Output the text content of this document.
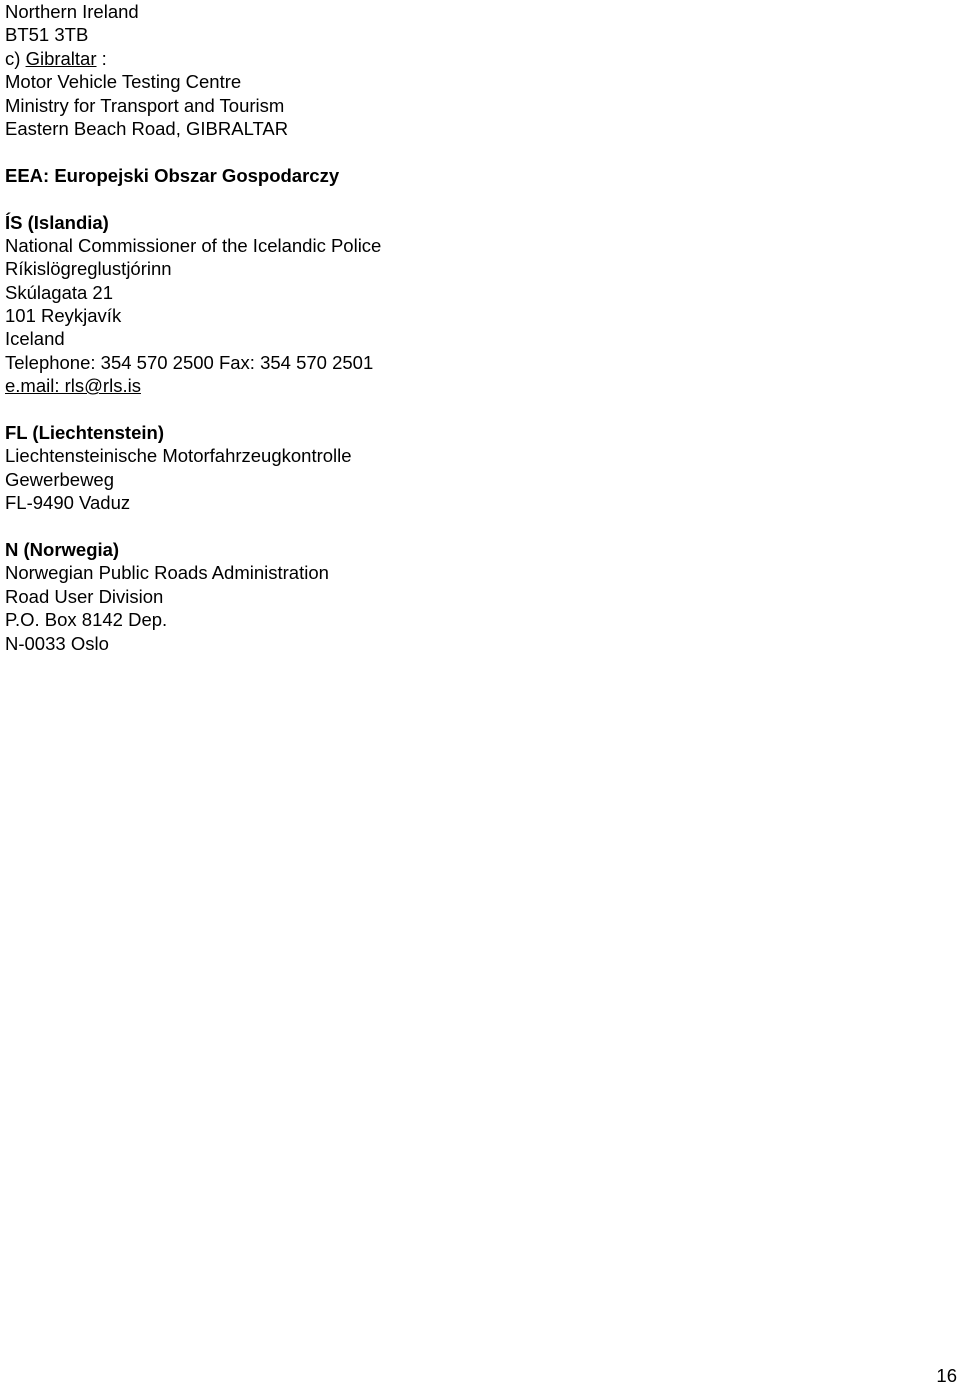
Northern Ireland
BT51 3TB
c) Gibraltar :
Motor Vehicle Testing Centre
Ministry for Transport and Tourism
Eastern Beach Road, GIBRALTAR
EEA: Europejski Obszar Gospodarczy
ÍS (Islandia)
National Commissioner of the Icelandic Police
Ríkislögreglustjórinn
Skúlagata 21
101 Reykjavík
Iceland
Telephone: 354 570 2500 Fax: 354 570 2501
e.mail: rls@rls.is
FL (Liechtenstein)
Liechtensteinische Motorfahrzeugkontrolle
Gewerbeweg
FL-9490 Vaduz
N (Norwegia)
Norwegian Public Roads Administration
Road User Division
P.O. Box 8142 Dep.
N-0033 Oslo
16
